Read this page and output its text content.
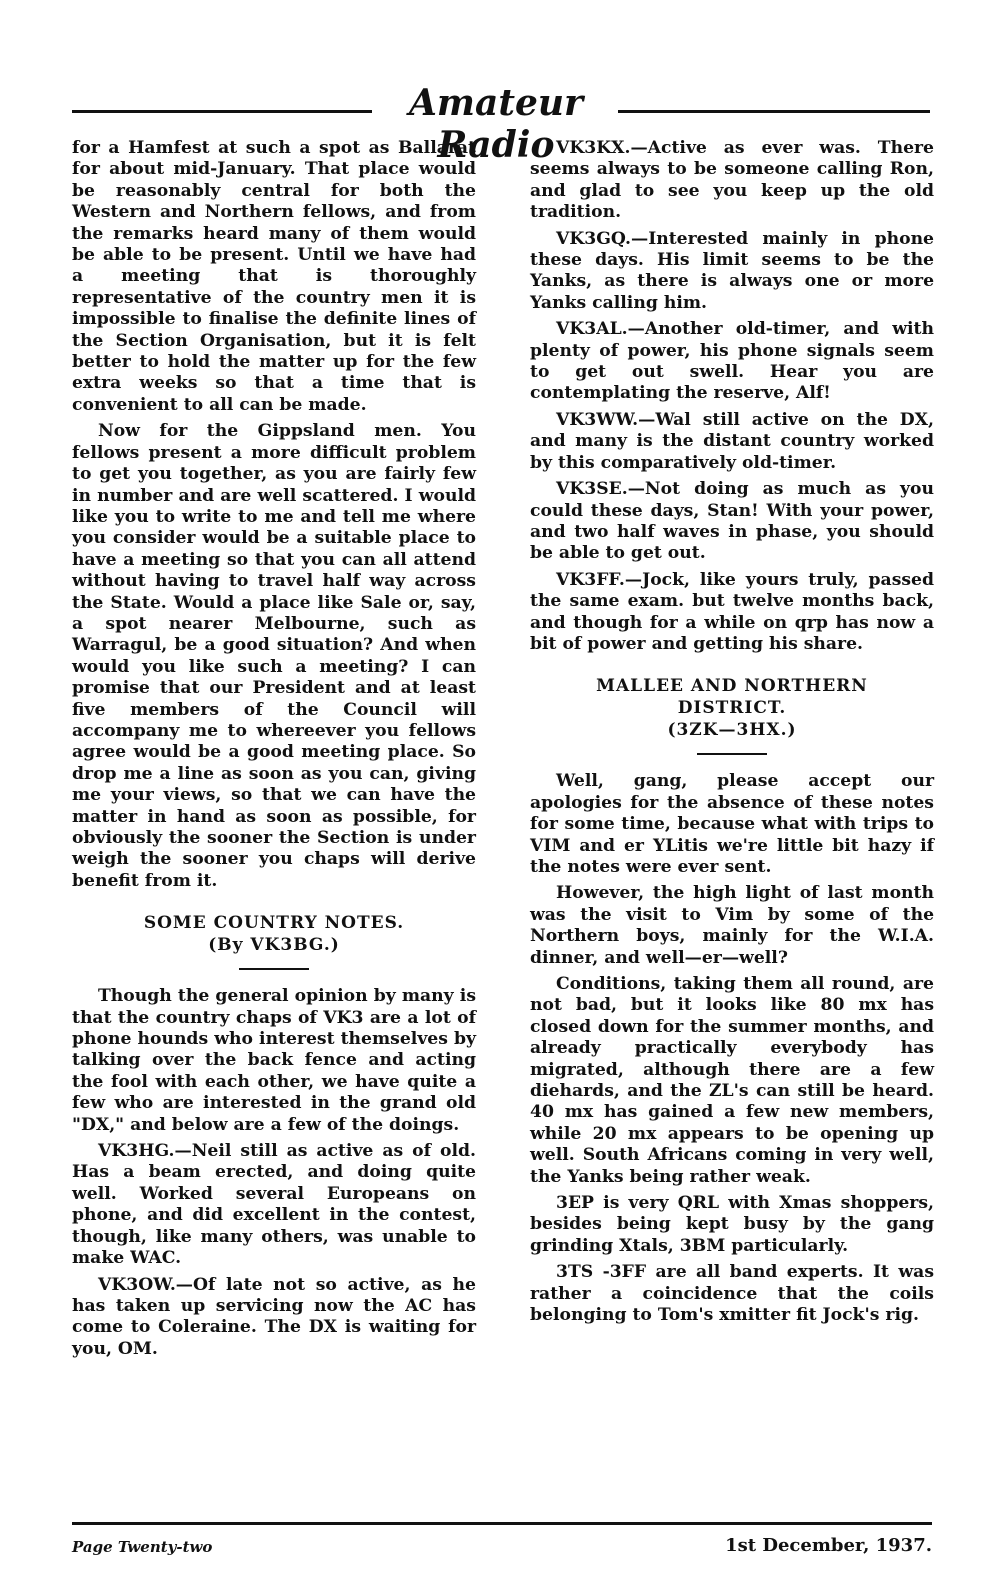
Amateur Radio

for a Hamfest at such a spot as Ballarat for about mid-January. That place would be reasonably central for both the Western and Northern fellows, and from the remarks heard many of them would be able to be present. Until we have had a meeting that is thoroughly representative of the country men it is impossible to finalise the definite lines of the Section Organisation, but it is felt better to hold the matter up for the few extra weeks so that a time that is convenient to all can be made.

Now for the Gippsland men. You fellows present a more difficult problem to get you together, as you are fairly few in number and are well scattered. I would like you to write to me and tell me where you consider would be a suitable place to have a meeting so that you can all attend without having to travel half way across the State. Would a place like Sale or, say, a spot nearer Melbourne, such as Warragul, be a good situation? And when would you like such a meeting? I can promise that our President and at least five members of the Council will accompany me to whereever you fellows agree would be a good meeting place. So drop me a line as soon as you can, giving me your views, so that we can have the matter in hand as soon as possible, for obviously the sooner the Section is under weigh the sooner you chaps will derive benefit from it.

SOME COUNTRY NOTES.
(By VK3BG.)

Though the general opinion by many is that the country chaps of VK3 are a lot of phone hounds who interest themselves by talking over the back fence and acting the fool with each other, we have quite a few who are interested in the grand old "DX," and below are a few of the doings.

VK3HG.—Neil still as active as of old. Has a beam erected, and doing quite well. Worked several Europeans on phone, and did excellent in the contest, though, like many others, was unable to make WAC.

VK3OW.—Of late not so active, as he has taken up servicing now the AC has come to Coleraine. The DX is waiting for you, OM.

VK3KX.—Active as ever was. There seems always to be someone calling Ron, and glad to see you keep up the old tradition.

VK3GQ.—Interested mainly in phone these days. His limit seems to be the Yanks, as there is always one or more Yanks calling him.

VK3AL.—Another old-timer, and with plenty of power, his phone signals seem to get out swell. Hear you are contemplating the reserve, Alf!

VK3WW.—Wal still active on the DX, and many is the distant country worked by this comparatively old-timer.

VK3SE.—Not doing as much as you could these days, Stan! With your power, and two half waves in phase, you should be able to get out.

VK3FF.—Jock, like yours truly, passed the same exam. but twelve months back, and though for a while on qrp has now a bit of power and getting his share.

MALLEE AND NORTHERN
DISTRICT.
(3ZK—3HX.)

Well, gang, please accept our apologies for the absence of these notes for some time, because what with trips to VIM and er YLitis we're little bit hazy if the notes were ever sent.

However, the high light of last month was the visit to Vim by some of the Northern boys, mainly for the W.I.A. dinner, and well—er—well?

Conditions, taking them all round, are not bad, but it looks like 80 mx has closed down for the summer months, and already practically everybody has migrated, although there are a few diehards, and the ZL's can still be heard. 40 mx has gained a few new members, while 20 mx appears to be opening up well. South Africans coming in very well, the Yanks being rather weak.

3EP is very QRL with Xmas shoppers, besides being kept busy by the gang grinding Xtals, 3BM particularly.

3TS -3FF are all band experts. It was rather a coincidence that the coils belonging to Tom's xmitter fit Jock's rig.

Page Twenty-two	1st December, 1937.
